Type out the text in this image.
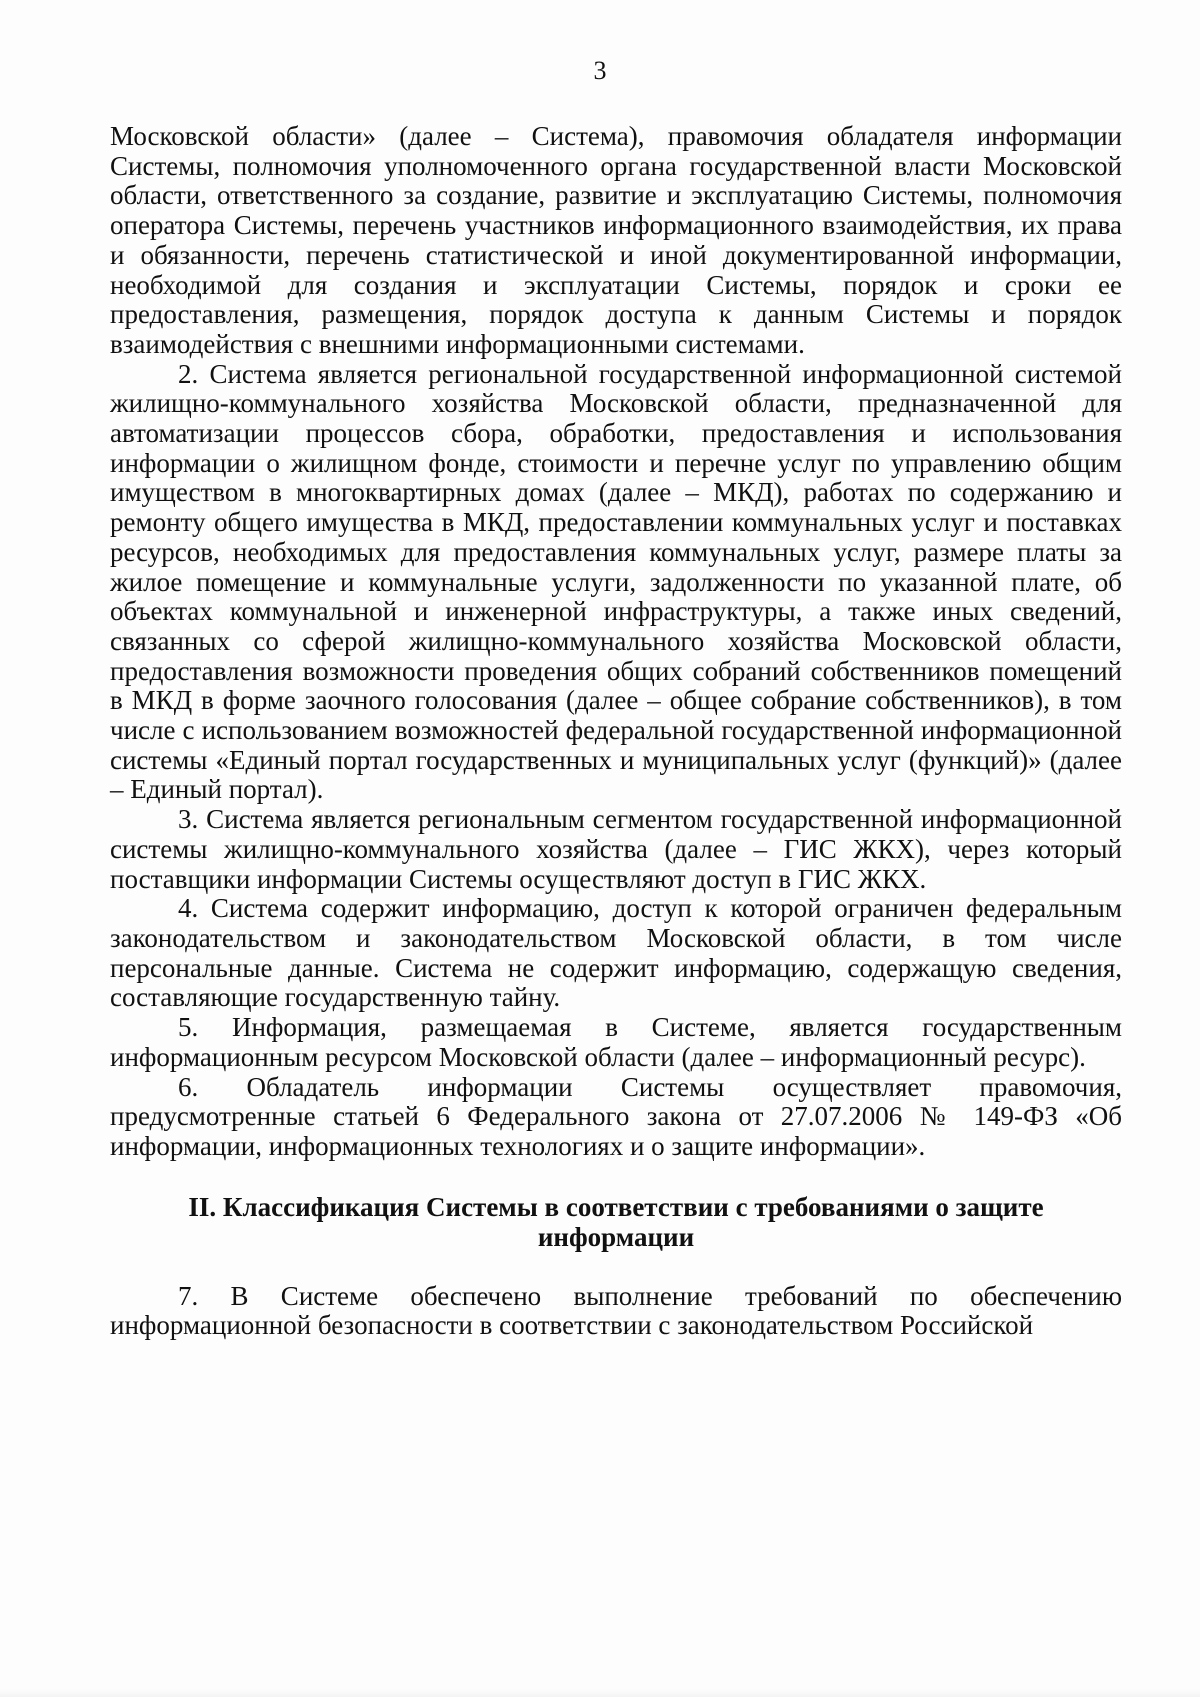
3

Московской области» (далее – Система), правомочия обладателя информации Системы, полномочия уполномоченного органа государственной власти Московской области, ответственного за создание, развитие и эксплуатацию Системы, полномочия оператора Системы, перечень участников информационного взаимодействия, их права и обязанности, перечень статистической и иной документированной информации, необходимой для создания и эксплуатации Системы, порядок и сроки ее предоставления, размещения, порядок доступа к данным Системы и порядок взаимодействия с внешними информационными системами.

2. Система является региональной государственной информационной системой жилищно-коммунального хозяйства Московской области, предназначенной для автоматизации процессов сбора, обработки, предоставления и использования информации о жилищном фонде, стоимости и перечне услуг по управлению общим имуществом в многоквартирных домах (далее – МКД), работах по содержанию и ремонту общего имущества в МКД, предоставлении коммунальных услуг и поставках ресурсов, необходимых для предоставления коммунальных услуг, размере платы за жилое помещение и коммунальные услуги, задолженности по указанной плате, об объектах коммунальной и инженерной инфраструктуры, а также иных сведений, связанных со сферой жилищно-коммунального хозяйства Московской области, предоставления возможности проведения общих собраний собственников помещений в МКД в форме заочного голосования (далее – общее собрание собственников), в том числе с использованием возможностей федеральной государственной информационной системы «Единый портал государственных и муниципальных услуг (функций)» (далее – Единый портал).

3. Система является региональным сегментом государственной информационной системы жилищно-коммунального хозяйства (далее – ГИС ЖКХ), через который поставщики информации Системы осуществляют доступ в ГИС ЖКХ.

4. Система содержит информацию, доступ к которой ограничен федеральным законодательством и законодательством Московской области, в том числе персональные данные. Система не содержит информацию, содержащую сведения, составляющие государственную тайну.

5. Информация, размещаемая в Системе, является государственным информационным ресурсом Московской области (далее – информационный ресурс).

6. Обладатель информации Системы осуществляет правомочия, предусмотренные статьей 6 Федерального закона от 27.07.2006 № 149-ФЗ «Об информации, информационных технологиях и о защите информации».

II. Классификация Системы в соответствии с требованиями о защите информации

7. В Системе обеспечено выполнение требований по обеспечению информационной безопасности в соответствии с законодательством Российской
